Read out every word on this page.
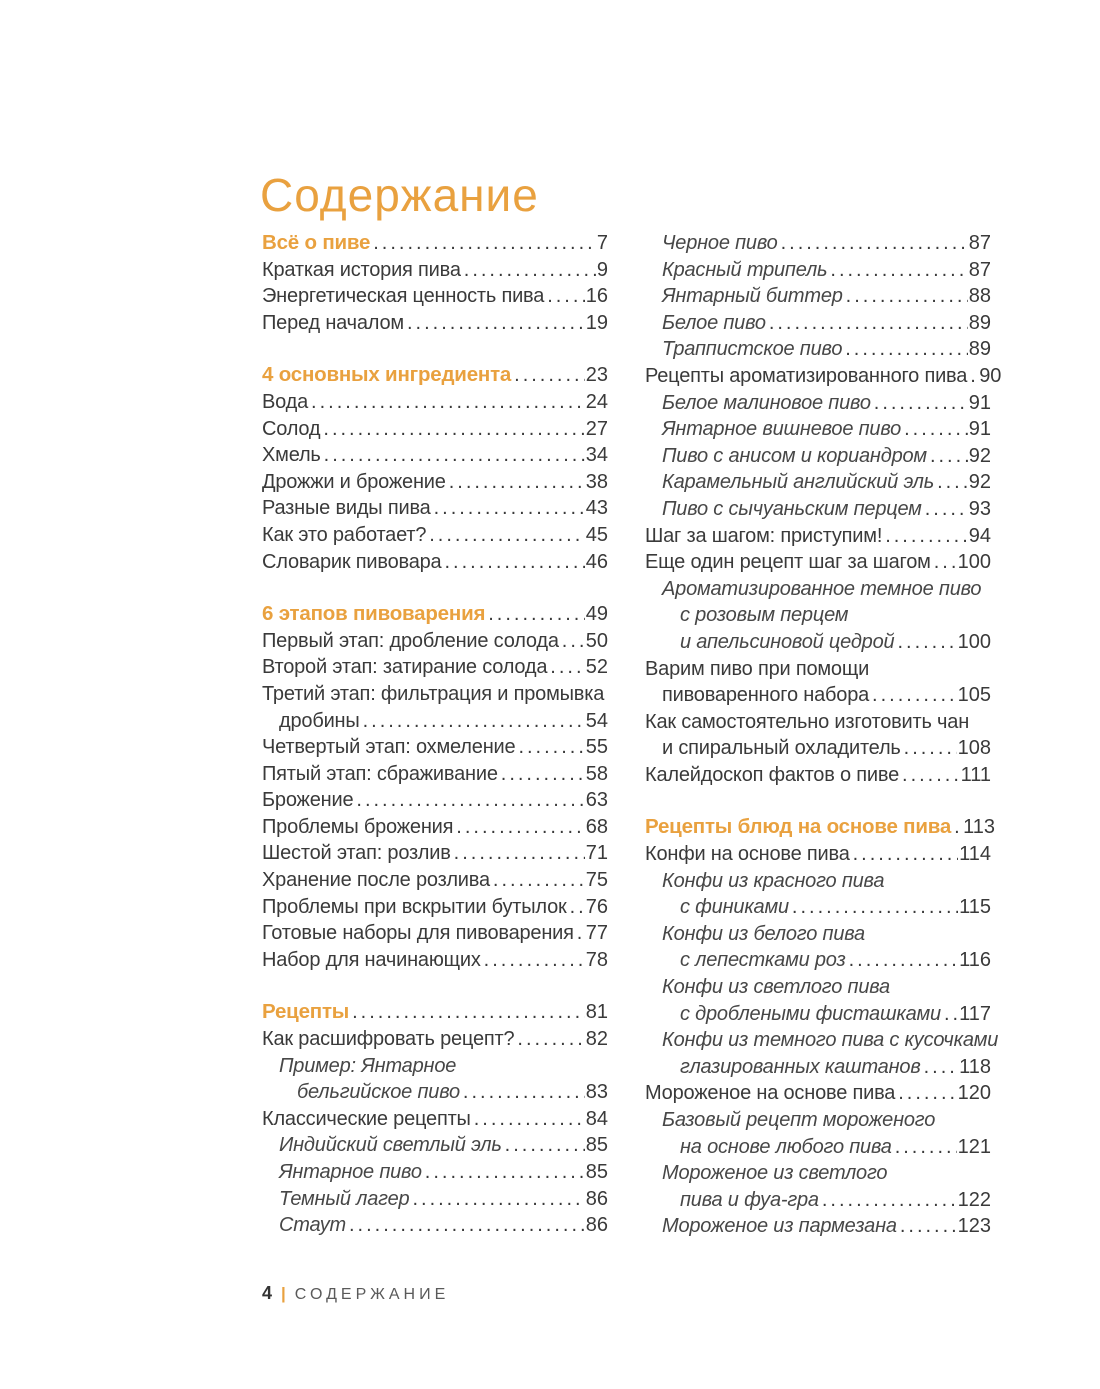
Содержание
Всё о пиве .....	7
Краткая история пива .....	9
Энергетическая ценность пива ..... 16
Перед началом .....	19
4 основных ингредиента .....	23
Вода .....	24
Солод .....	27
Хмель .....	34
Дрожжи и брожение .....	38
Разные виды пива .....	43
Как это работает? .....	45
Словарик пивовара .....	46
6 этапов пивоварения .....	49
Первый этап: дробление солода ..... 50
Второй этап: затирание солода ..... 52
Третий этап: фильтрация и промывка
дробины .....	54
Четвертый этап: охмеление .....	55
Пятый этап: сбраживание .....	58
Брожение .....	63
Проблемы брожения .....	68
Шестой этап: розлив .....	71
Хранение после розлива .....	75
Проблемы при вскрытии бутылок ..... 76
Готовые наборы для пивоварения ..... 77
Набор для начинающих .....	78
Рецепты .....	81
Как расшифровать рецепт? .....	82
Пример: Янтарное
бельгийское пиво .....	83
Классические рецепты .....	84
Индийский светлый эль .....	85
Янтарное пиво .....	85
Темный лагер .....	86
Стаут .....	86
Черное пиво .....	87
Красный трипель .....	87
Янтарный биттер .....	88
Белое пиво .....	89
Траппистское пиво .....	89
Рецепты ароматизированного пива ..... 90
Белое малиновое пиво .....	91
Янтарное вишневое пиво .....	91
Пиво с анисом и кориандром ..... 92
Карамельный английский эль ..... 92
Пиво с сычуаньским перцем ..... 93
Шаг за шагом: приступим! .....	94
Еще один рецепт шаг за шагом ..... 100
Ароматизированное темное пиво
с розовым перцем
и апельсиновой цедрой .....	100
Варим пиво при помощи
пивоваренного набора .....	105
Как самостоятельно изготовить чан
и спиральный охладитель .....	108
Калейдоскоп фактов о пиве .....	111
Рецепты блюд на основе пива ..... 113
Конфи на основе пива .....	114
Конфи из красного пива
с финиками .....	115
Конфи из белого пива
с лепестками роз .....	116
Конфи из светлого пива
с дроблеными фисташками ..... 117
Конфи из темного пива с кусочками
глазированных каштанов ..... 118
Мороженое на основе пива .....	120
Базовый рецепт мороженого
на основе любого пива .....	121
Мороженое из светлого
пива и фуа-гра .....	122
Мороженое из пармезана .....	123
4 | СОДЕРЖАНИЕ
